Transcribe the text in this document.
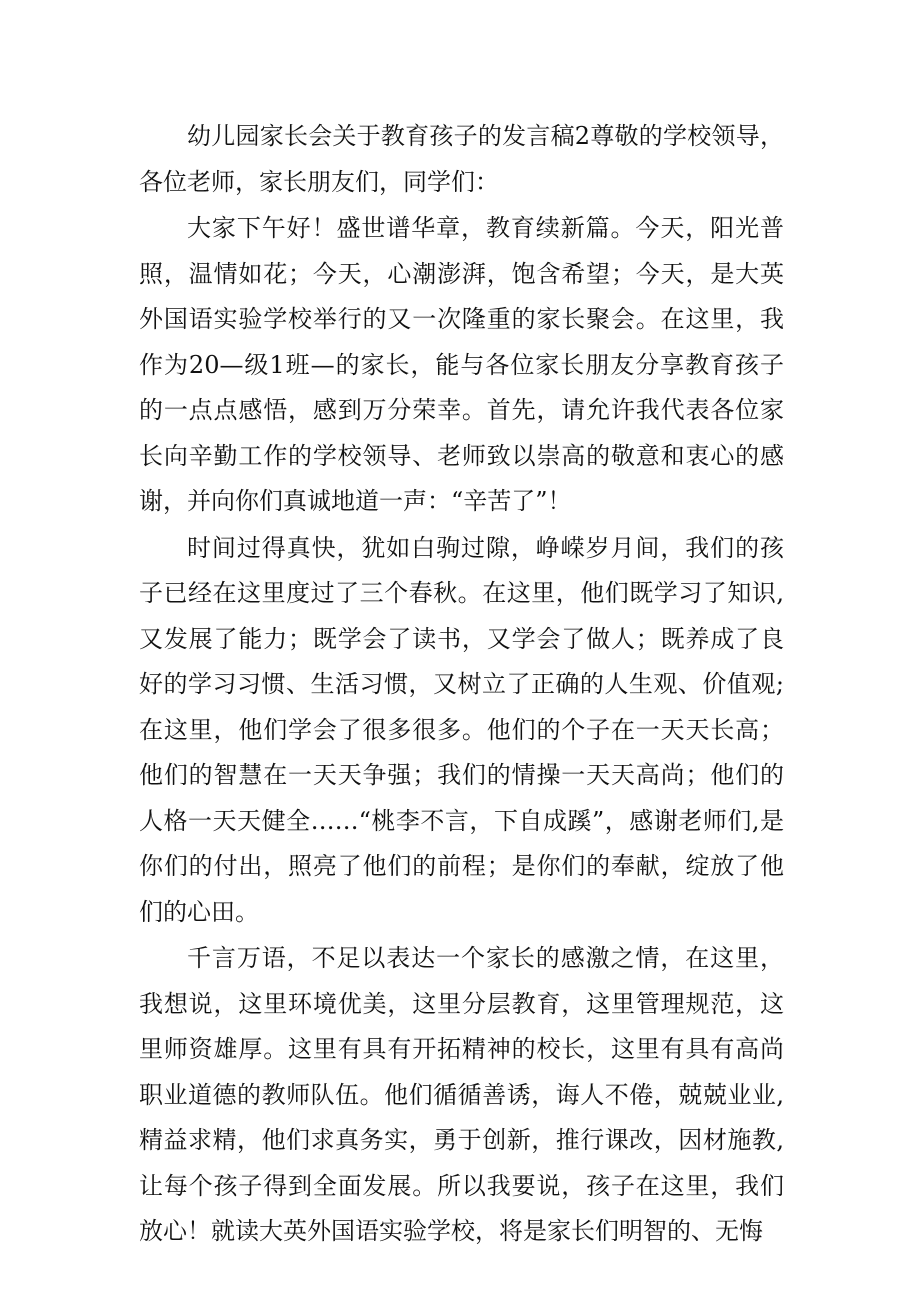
幼儿园家长会关于教育孩子的发言稿2尊敬的学校领导，各位老师，家长朋友们，同学们：

大家下午好！盛世谱华章，教育续新篇。今天，阳光普照，温情如花；今天，心潮澎湃，饱含希望；今天，是大英外国语实验学校举行的又一次隆重的家长聚会。在这里，我作为20—级1班—的家长，能与各位家长朋友分享教育孩子的一点点感悟，感到万分荣幸。首先，请允许我代表各位家长向辛勤工作的学校领导、老师致以崇高的敬意和衷心的感谢，并向你们真诚地道一声：“辛苦了”！

时间过得真快，犹如白驹过隙，峥嵘岁月间，我们的孩子已经在这里度过了三个春秋。在这里，他们既学习了知识,又发展了能力；既学会了读书，又学会了做人；既养成了良好的学习习惯、生活习惯，又树立了正确的人生观、价值观;在这里，他们学会了很多很多。他们的个子在一天天长高；他们的智慧在一天天争强；我们的情操一天天高尚；他们的人格一天天健全……“桃李不言，下自成蹊”，感谢老师们,是你们的付出，照亮了他们的前程；是你们的奉献，绽放了他们的心田。

千言万语，不足以表达一个家长的感激之情，在这里，我想说，这里环境优美，这里分层教育，这里管理规范，这里师资雄厚。这里有具有开拓精神的校长，这里有具有高尚职业道德的教师队伍。他们循循善诱，诲人不倦，兢兢业业,精益求精，他们求真务实，勇于创新，推行课改，因材施教,让每个孩子得到全面发展。所以我要说，孩子在这里，我们放心！就读大英外国语实验学校，将是家长们明智的、无悔
